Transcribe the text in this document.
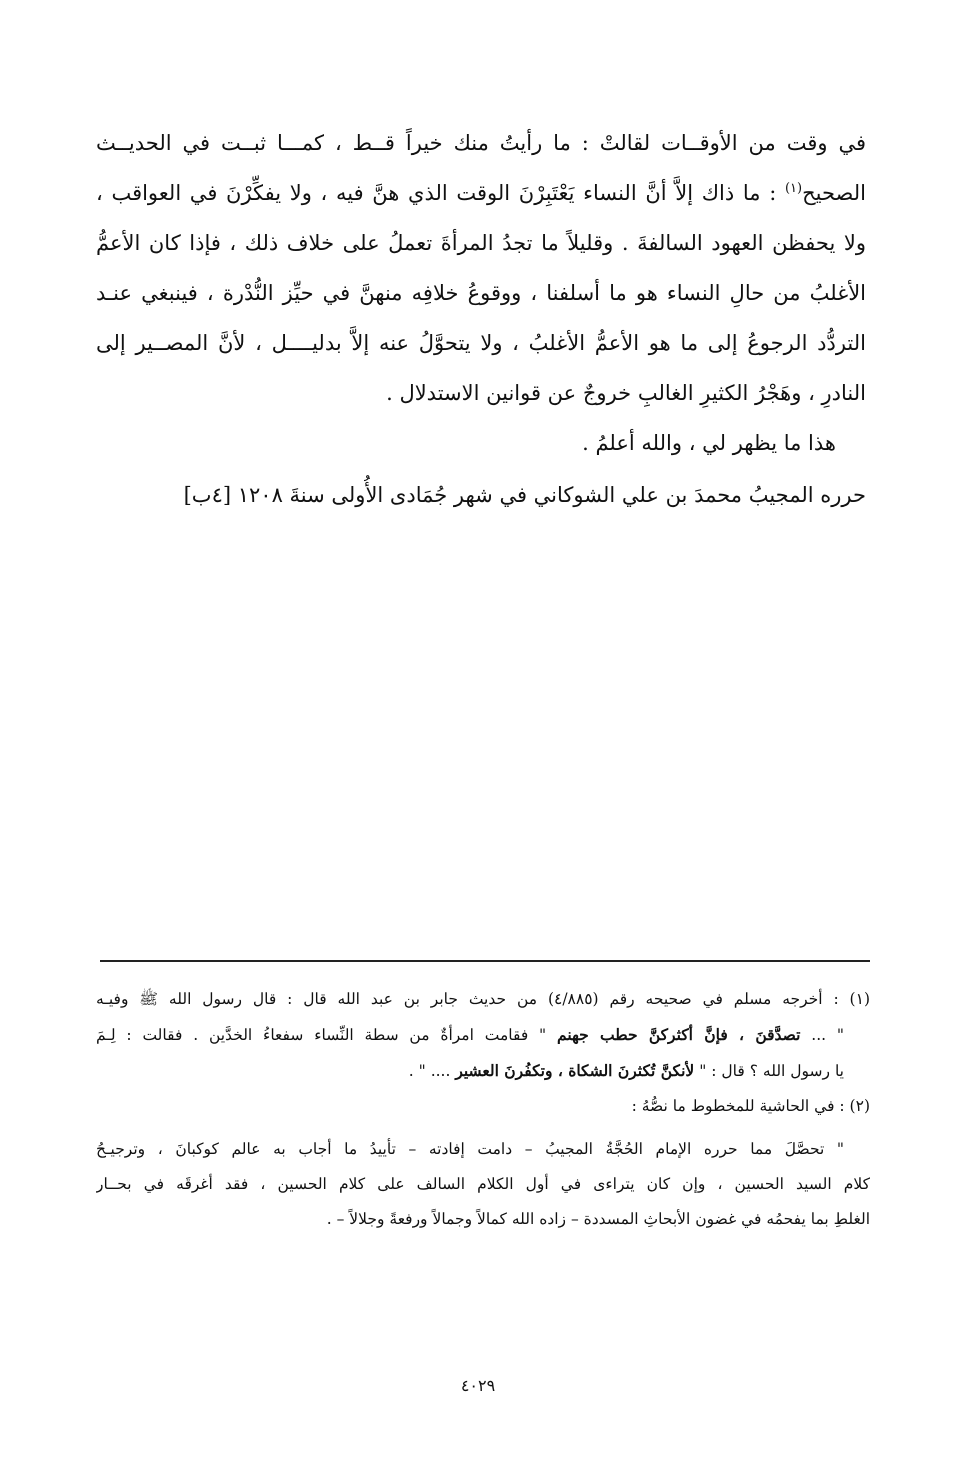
في وقت من الأوقــات لقالتْ : ما رأيتُ منك خيراً قــط ، كمـــا ثبــت في الحديــث
الصحيح$^{(١)}$ : ما ذاك إلاَّ أنَّ النساء يَعْتَبِرْنَ الوقت الذي هنَّ فيه ، ولا يفكِّرْنَ في العواقب ،
ولا يحفظن العهود السالفةَ . وقليلاً ما تجدُ المرأةَ تعملُ على خلاف ذلك ، فإذا كان الأعمُّ
الأغلبُ من حالِ النساء هو ما أسلفنا ، ووقوعُ خلافِه منهنَّ في حيِّز النُّدْرة ، فينبغي عنـد
التردُّد الرجوعُ إلى ما هو الأعمُّ الأغلبُ ، ولا يتحوَّلُ عنه إلاَّ بدليــــل ، لأنَّ المصــير إلى
النادرِ ، وهَجْرُ الكثيرِ الغالبِ خروجٌ عن قوانين الاستدلال .
هذا ما يظهر لي ، والله أعلمُ .
حرره المجيبُ محمدَ بن علي الشوكاني في شهر جُمَادى الأُولى سنةَ ١٢٠٨ [٤ب]
(١) : أخرجه مسلم في صحيحه رقم (٤/٨٨٥) من حديث جابر بن عبد الله قال : قال رسول الله ﷺ وفيـه
" ... تصدَّقنَ ، فإنَّ أكثركنَّ حطب جهنم " فقامت امرأةٌ من سطة النِّساء سفعاءُ الخدَّين . فقالت : لِـمَ
يا رسول الله ؟ قال : " لأنكنَّ تُكثرنَ الشكاة ، وتكفُرنَ العشير .... " .
(٢) : في الحاشية للمخطوط ما نصُّهُ :
" تحصَّلَ مما حرره الإمام الحُجَّةُ المجيبُ – دامت إفادته – تأييدُ ما أجاب به عالم كوكبانَ ، وترجيـحُ
كلام السيد الحسين ، وإن كان يتراءى في أول الكلام السالف على كلام الحسين ، فقد أغرقَه في بحــار
الغلطِ بما يفحمُه في غضون الأبحاثِ المسددة – زاده الله كمالاً وجمالاً ورفعةً وجلالاً – .
٤٠٢٩
